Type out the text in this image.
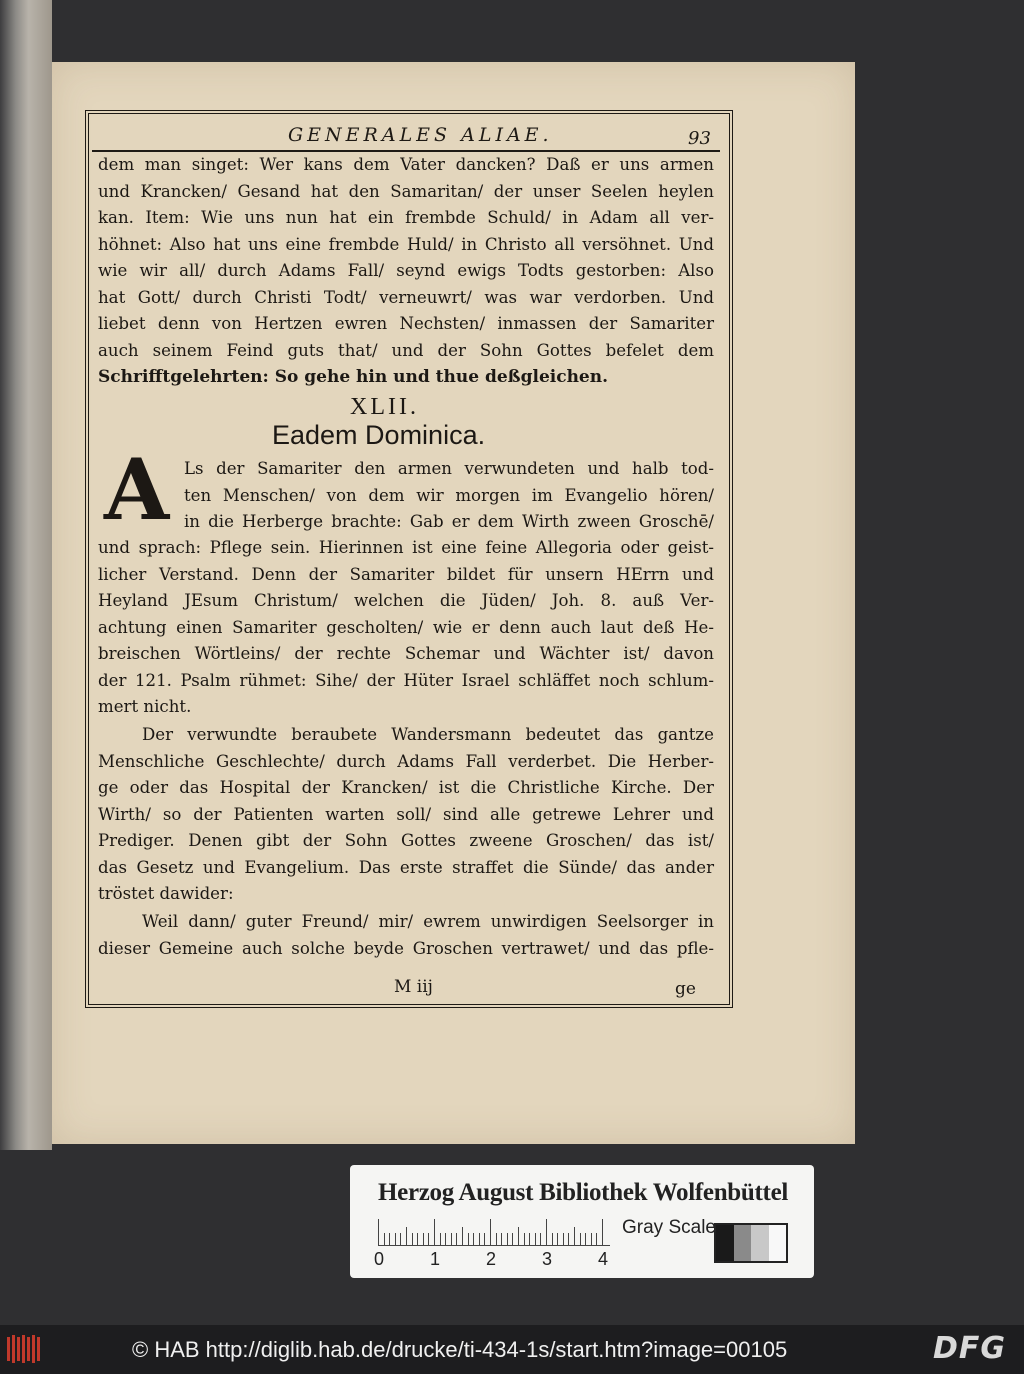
GENERALES ALIAE.	93
dem man singet: Wer kans dem Vater dancken? Daß er uns armen
und Krancken/ Gesand hat den Samaritan/ der unser Seelen heylen
kan. Item: Wie uns nun hat ein frembde Schuld/ in Adam all ver-
höhnet: Also hat uns eine frembde Huld/ in Christo all versöhnet. Und
wie wir all/ durch Adams Fall/ seynd ewigs Todts gestorben: Also
hat Gott/ durch Christi Todt/ verneuwrt/ was war verdorben. Und
liebet denn von Hertzen ewren Nechsten/ inmassen der Samariter
auch seinem Feind guts that/ und der Sohn Gottes befelet dem
Schrifftgelehrten: So gehe hin und thue deßgleichen.
XLII.
Eadem Dominica.
A Ls der Samariter den armen verwundeten und halb tod-
ten Menschen/ von dem wir morgen im Evangelio hören/
in die Herberge brachte: Gab er dem Wirth zween Groschē/
und sprach: Pflege sein. Hierinnen ist eine feine Allegoria oder geist-
licher Verstand. Denn der Samariter bildet für unsern HErrn und
Heyland JEsum Christum/ welchen die Jüden/ Joh. 8. auß Ver-
achtung einen Samariter gescholten/ wie er denn auch laut deß He-
breischen Wörtleins/ der rechte Schemar und Wächter ist/ davon
der 121. Psalm rühmet: Sihe/ der Hüter Israel schläffet noch schlum-
mert nicht.
Der verwundte beraubete Wandersmann bedeutet das gantze
Menschliche Geschlechte/ durch Adams Fall verderbet. Die Herber-
ge oder das Hospital der Krancken/ ist die Christliche Kirche. Der
Wirth/ so der Patienten warten soll/ sind alle getrewe Lehrer und
Prediger. Denen gibt der Sohn Gottes zweene Groschen/ das ist/
das Gesetz und Evangelium. Das erste straffet die Sünde/ das ander
tröstet dawider:
Weil dann/ guter Freund/ mir/ ewrem unwirdigen Seelsorger in
dieser Gemeine auch solche beyde Groschen vertrawet/ und das pfle-
M iij	ge
Herzog August Bibliothek Wolfenbüttel
0	1	2	3	4
Gray Scale
© HAB http://diglib.hab.de/drucke/ti-434-1s/start.htm?image=00105	DFG
